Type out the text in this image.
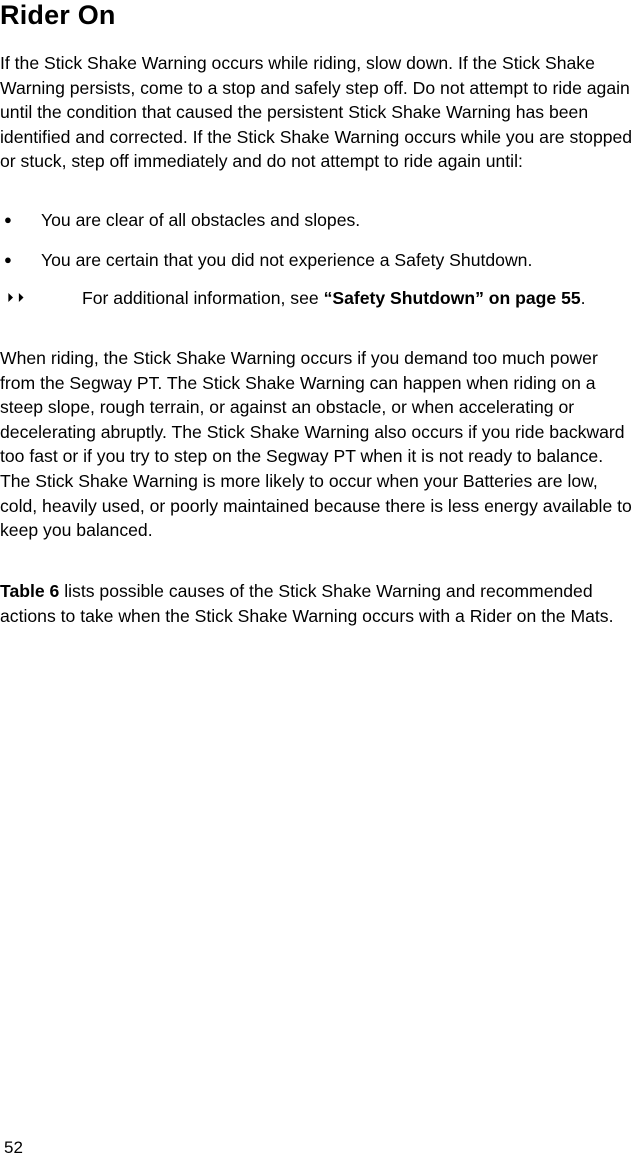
Rider On

If the Stick Shake Warning occurs while riding, slow down. If the Stick Shake Warning persists, come to a stop and safely step off. Do not attempt to ride again until the condition that caused the persistent Stick Shake Warning has been identified and corrected. If the Stick Shake Warning occurs while you are stopped or stuck, step off immediately and do not attempt to ride again until:

● You are clear of all obstacles and slopes.
● You are certain that you did not experience a Safety Shutdown.
⏵⏵	For additional information, see “Safety Shutdown” on page 55.

When riding, the Stick Shake Warning occurs if you demand too much power from the Segway PT. The Stick Shake Warning can happen when riding on a steep slope, rough terrain, or against an obstacle, or when accelerating or decelerating abruptly. The Stick Shake Warning also occurs if you ride backward too fast or if you try to step on the Segway PT when it is not ready to balance. The Stick Shake Warning is more likely to occur when your Batteries are low, cold, heavily used, or poorly maintained because there is less energy available to keep you balanced.

Table 6 lists possible causes of the Stick Shake Warning and recommended actions to take when the Stick Shake Warning occurs with a Rider on the Mats.

52
